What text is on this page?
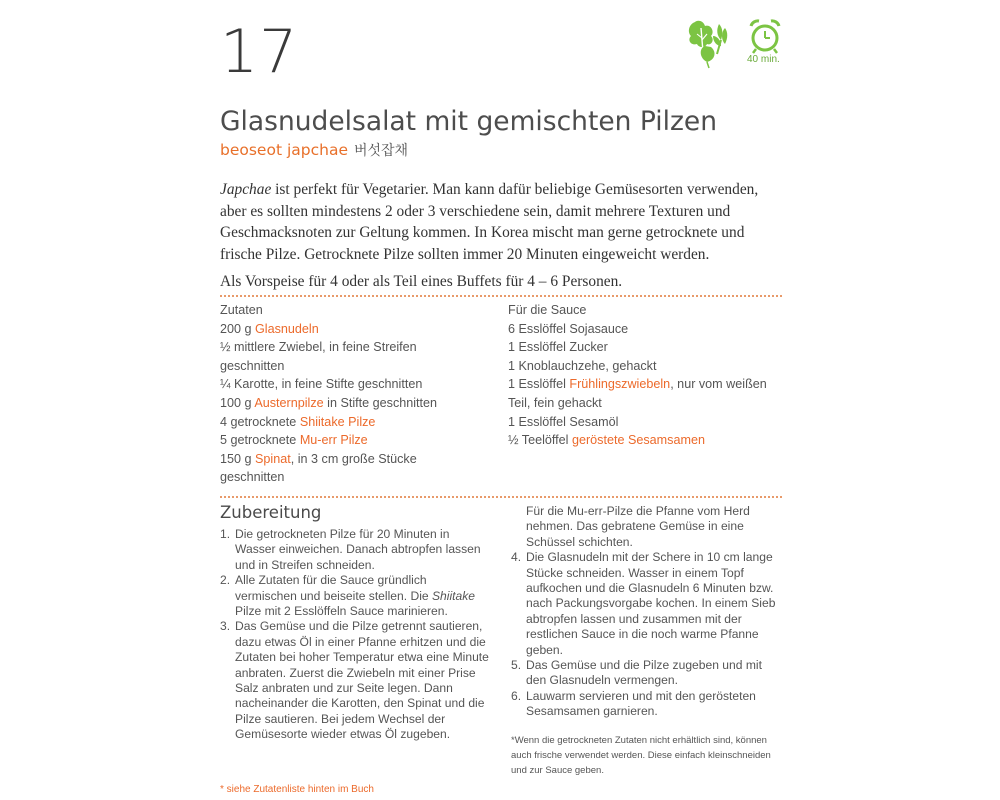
17	40 min.
Glasnudelsalat mit gemischten Pilzen
beoseot japchae 버섯잡채
Japchae ist perfekt für Vegetarier. Man kann dafür beliebige Gemüsesorten verwenden, aber es sollten mindestens 2 oder 3 verschiedene sein, damit mehrere Texturen und Geschmacksnoten zur Geltung kommen. In Korea mischt man gerne getrocknete und frische Pilze. Getrocknete Pilze sollten immer 20 Minuten eingeweicht werden.
Als Vorspeise für 4 oder als Teil eines Buffets für 4 – 6 Personen.
Zutaten
200 g Glasnudeln
½ mittlere Zwiebel, in feine Streifen geschnitten
¼ Karotte, in feine Stifte geschnitten
100 g Austernpilze in Stifte geschnitten
4 getrocknete Shiitake Pilze
5 getrocknete Mu-err Pilze
150 g Spinat, in 3 cm große Stücke geschnitten
Für die Sauce
6 Esslöffel Sojasauce
1 Esslöffel Zucker
1 Knoblauchzehe, gehackt
1 Esslöffel Frühlingszwiebeln, nur vom weißen Teil, fein gehackt
1 Esslöffel Sesamöl
½ Teelöffel geröstete Sesamsamen
Zubereitung
1. Die getrockneten Pilze für 20 Minuten in Wasser einweichen. Danach abtropfen lassen und in Streifen schneiden.
2. Alle Zutaten für die Sauce gründlich vermischen und beiseite stellen. Die Shiitake Pilze mit 2 Esslöffeln Sauce marinieren.
3. Das Gemüse und die Pilze getrennt sautieren, dazu etwas Öl in einer Pfanne erhitzen und die Zutaten bei hoher Temperatur etwa eine Minute anbraten. Zuerst die Zwiebeln mit einer Prise Salz anbraten und zur Seite legen. Dann nacheinander die Karotten, den Spinat und die Pilze sautieren. Bei jedem Wechsel der Gemüsesorte wieder etwas Öl zugeben.
Für die Mu-err-Pilze die Pfanne vom Herd nehmen. Das gebratene Gemüse in eine Schüssel schichten.
4. Die Glasnudeln mit der Schere in 10 cm lange Stücke schneiden. Wasser in einem Topf aufkochen und die Glasnudeln 6 Minuten bzw. nach Packungsvorgabe kochen. In einem Sieb abtropfen lassen und zusammen mit der restlichen Sauce in die noch warme Pfanne geben.
5. Das Gemüse und die Pilze zugeben und mit den Glasnudeln vermengen.
6. Lauwarm servieren und mit den gerösteten Sesamsamen garnieren.
*Wenn die getrockneten Zutaten nicht erhältlich sind, können auch frische verwendet werden. Diese einfach kleinschneiden und zur Sauce geben.
* siehe Zutatenliste hinten im Buch
